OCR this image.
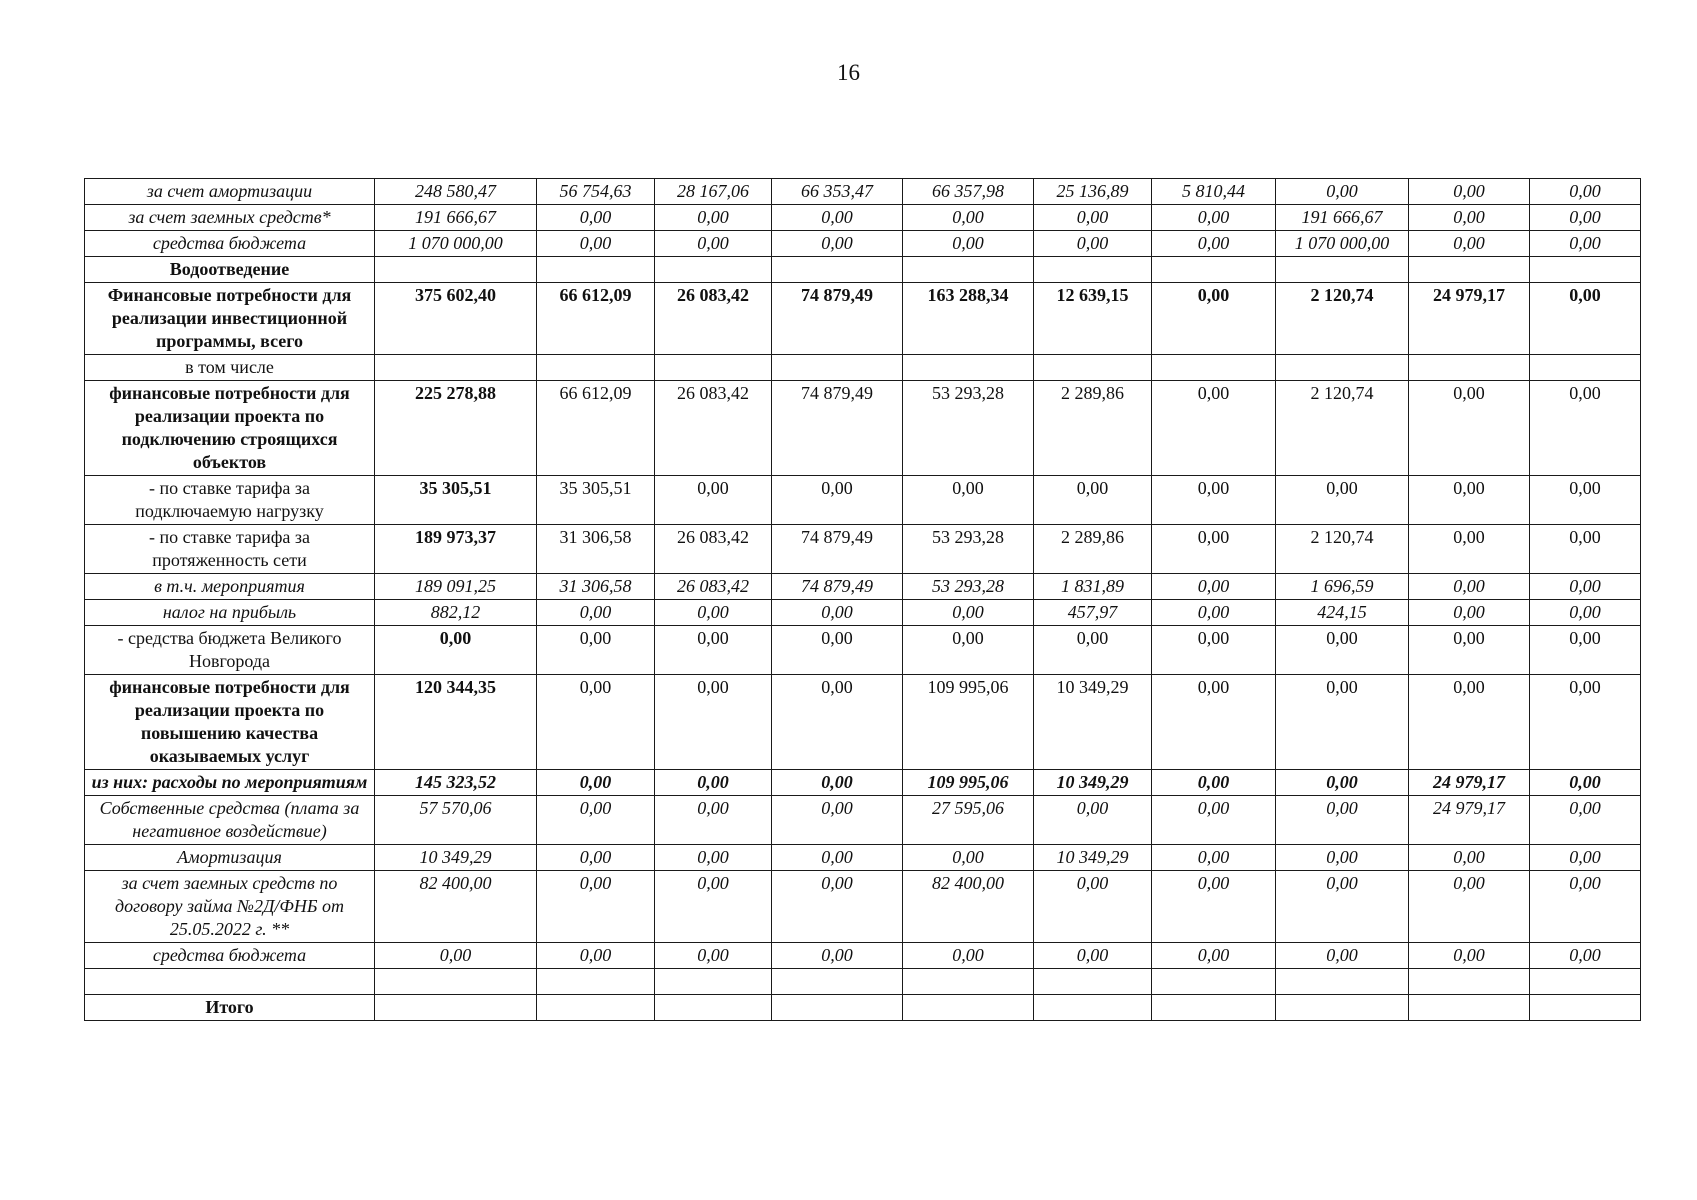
16
за счет амортизации	248 580,47	56 754,63	28 167,06	66 353,47	66 357,98	25 136,89	5 810,44	0,00	0,00	0,00
за счет заемных средств*	191 666,67	0,00	0,00	0,00	0,00	0,00	0,00	191 666,67	0,00	0,00
средства бюджета	1 070 000,00	0,00	0,00	0,00	0,00	0,00	0,00	1 070 000,00	0,00	0,00
Водоотведение										
Финансовые потребности для реализации инвестиционной программы, всего	375 602,40	66 612,09	26 083,42	74 879,49	163 288,34	12 639,15	0,00	2 120,74	24 979,17	0,00
в том числе										
финансовые потребности для реализации проекта по подключению строящихся объектов	225 278,88	66 612,09	26 083,42	74 879,49	53 293,28	2 289,86	0,00	2 120,74	0,00	0,00
- по ставке тарифа за подключаемую нагрузку	35 305,51	35 305,51	0,00	0,00	0,00	0,00	0,00	0,00	0,00	0,00
- по ставке тарифа за протяженность сети	189 973,37	31 306,58	26 083,42	74 879,49	53 293,28	2 289,86	0,00	2 120,74	0,00	0,00
в т.ч. мероприятия	189 091,25	31 306,58	26 083,42	74 879,49	53 293,28	1 831,89	0,00	1 696,59	0,00	0,00
налог на прибыль	882,12	0,00	0,00	0,00	0,00	457,97	0,00	424,15	0,00	0,00
- средства бюджета Великого Новгорода	0,00	0,00	0,00	0,00	0,00	0,00	0,00	0,00	0,00	0,00
финансовые потребности для реализации проекта по повышению качества оказываемых услуг	120 344,35	0,00	0,00	0,00	109 995,06	10 349,29	0,00	0,00	0,00	0,00
из них: расходы по мероприятиям	145 323,52	0,00	0,00	0,00	109 995,06	10 349,29	0,00	0,00	24 979,17	0,00
Собственные средства (плата за негативное воздействие)	57 570,06	0,00	0,00	0,00	27 595,06	0,00	0,00	0,00	24 979,17	0,00
Амортизация	10 349,29	0,00	0,00	0,00	0,00	10 349,29	0,00	0,00	0,00	0,00
за счет заемных средств по договору займа №2Д/ФНБ от 25.05.2022 г. **	82 400,00	0,00	0,00	0,00	82 400,00	0,00	0,00	0,00	0,00	0,00
средства бюджета	0,00	0,00	0,00	0,00	0,00	0,00	0,00	0,00	0,00	0,00

Итого										
